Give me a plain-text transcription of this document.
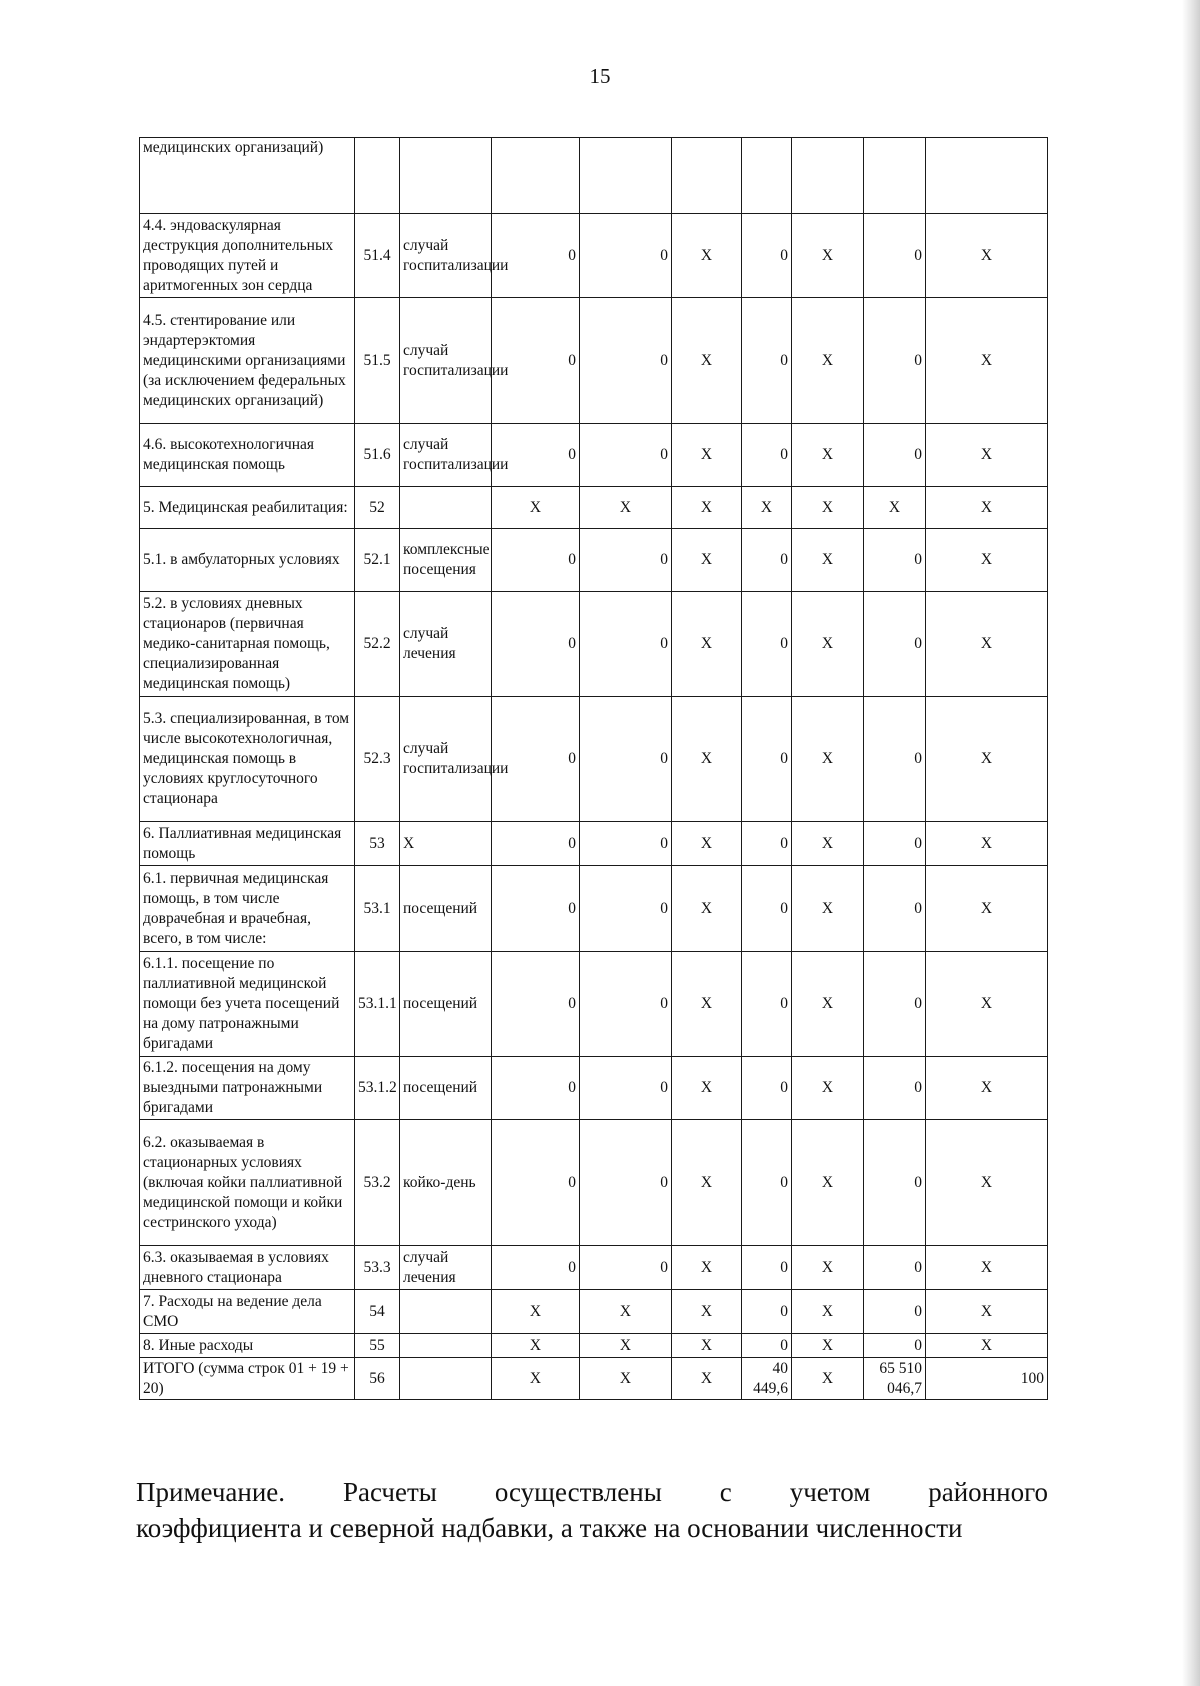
15
медицинских организаций)									
4.4. эндоваскулярная деструкция дополнительных проводящих путей и аритмогенных зон сердца	51.4	случай госпитализации	0	0	X	0	X	0	X
4.5. стентирование или эндартерэктомия медицинскими организациями (за исключением федеральных медицинских организаций)	51.5	случай госпитализации	0	0	X	0	X	0	X
4.6. высокотехнологичная медицинская помощь	51.6	случай госпитализации	0	0	X	0	X	0	X
5. Медицинская реабилитация:	52		X	X	X	X	X	X	X
5.1. в амбулаторных условиях	52.1	комплексные посещения	0	0	X	0	X	0	X
5.2. в условиях дневных стационаров (первичная медико-санитарная помощь, специализированная медицинская помощь)	52.2	случай лечения	0	0	X	0	X	0	X
5.3. специализированная, в том числе высокотехнологичная, медицинская помощь в условиях круглосуточного стационара	52.3	случай госпитализации	0	0	X	0	X	0	X
6. Паллиативная медицинская помощь	53	X	0	0	X	0	X	0	X
6.1. первичная медицинская помощь, в том числе доврачебная и врачебная, всего, в том числе:	53.1	посещений	0	0	X	0	X	0	X
6.1.1. посещение по паллиативной медицинской помощи без учета посещений на дому патронажными бригадами	53.1.1	посещений	0	0	X	0	X	0	X
6.1.2. посещения на дому выездными патронажными бригадами	53.1.2	посещений	0	0	X	0	X	0	X
6.2. оказываемая в стационарных условиях (включая койки паллиативной медицинской помощи и койки сестринского ухода)	53.2	койко-день	0	0	X	0	X	0	X
6.3. оказываемая в условиях дневного стационара	53.3	случай лечения	0	0	X	0	X	0	X
7. Расходы на ведение дела СМО	54		X	X	X	0	X	0	X
8. Иные расходы	55		X	X	X	0	X	0	X
ИТОГО (сумма строк 01 + 19 + 20)	56		X	X	X	40 449,6	X	65 510 046,7	100
Примечание. Расчеты осуществлены с учетом районного
коэффициента и северной надбавки, а также на основании численности
